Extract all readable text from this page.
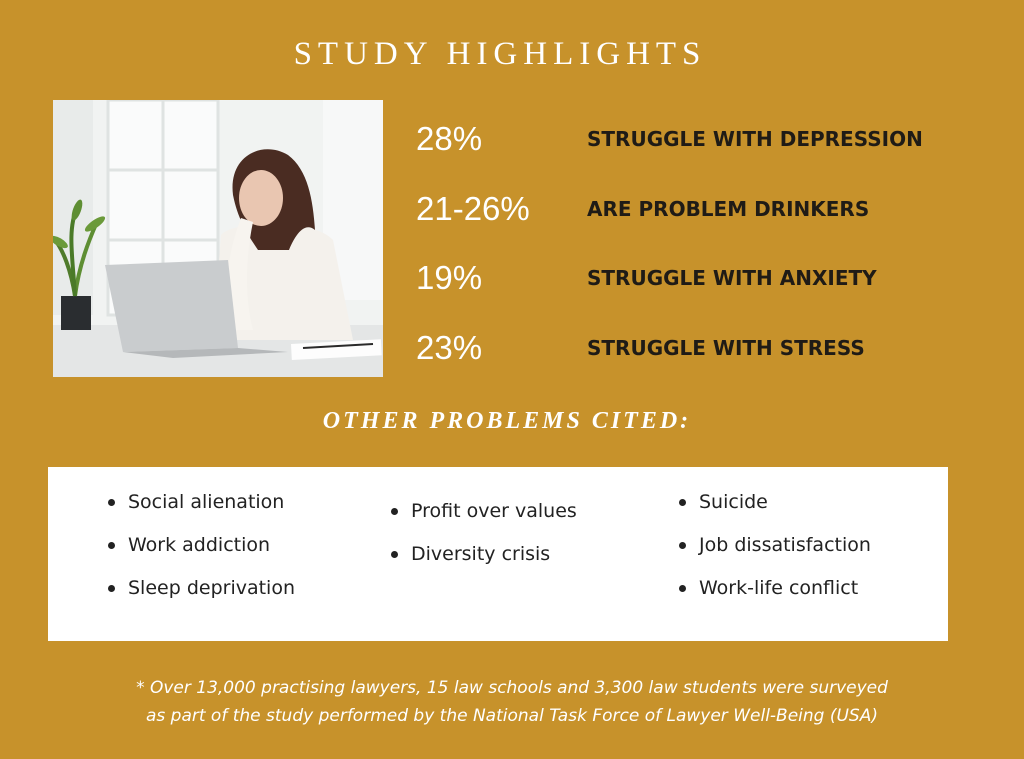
STUDY HIGHLIGHTS
28%	STRUGGLE WITH DEPRESSION
21-26%	ARE PROBLEM DRINKERS
19%	STRUGGLE WITH ANXIETY
23%	STRUGGLE WITH STRESS
OTHER PROBLEMS CITED:
Social alienation
Work addiction
Sleep deprivation
Profit over values
Diversity crisis
Suicide
Job dissatisfaction
Work-life conflict
* Over 13,000 practising lawyers, 15 law schools and 3,300 law students were surveyed
as part of the study performed by the National Task Force of Lawyer Well-Being (USA)
